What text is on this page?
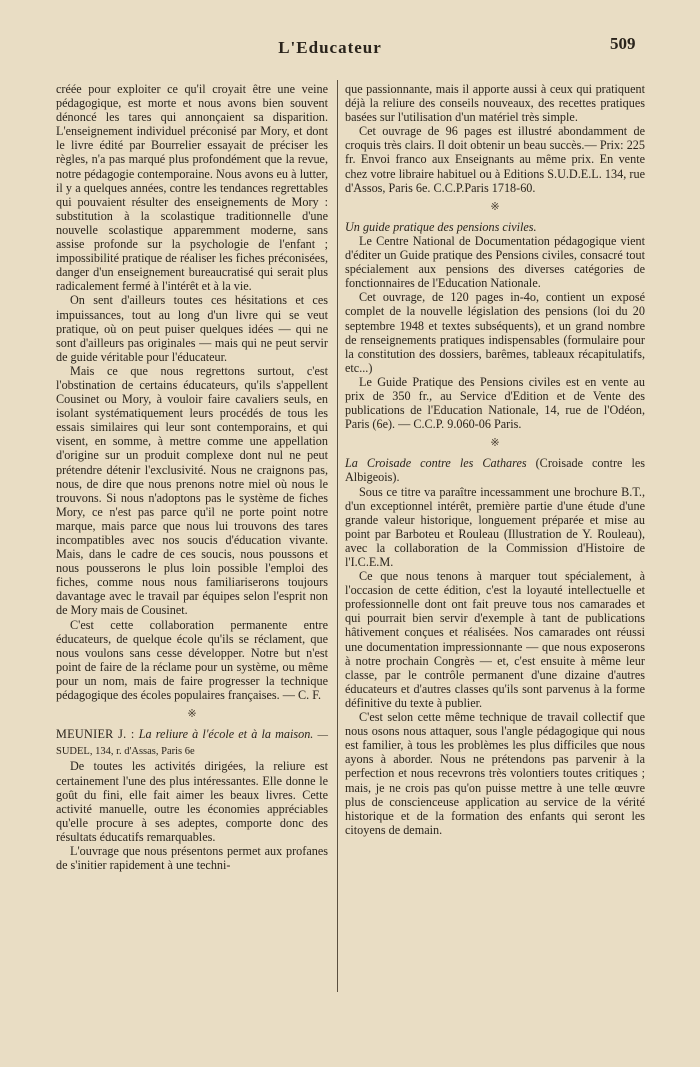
L'Educateur	509

créée pour exploiter ce qu'il croyait être une veine pédagogique, est morte et nous avons bien souvent dénoncé les tares qui annonçaient sa disparition. L'enseignement individuel préconisé par Mory, et dont le livre édité par Bourrelier essayait de préciser les règles, n'a pas marqué plus profondément que la revue, notre pédagogie contemporaine. Nous avons eu à lutter, il y a quelques années, contre les tendances regrettables qui pouvaient résulter des enseignements de Mory : substitution à la scolastique traditionnelle d'une nouvelle scolastique apparemment moderne, sans assise profonde sur la psychologie de l'enfant ; impossibilité pratique de réaliser les fiches préconisées, danger d'un enseignement bureaucratisé qui serait plus radicalement fermé à l'intérêt et à la vie.

On sent d'ailleurs toutes ces hésitations et ces impuissances, tout au long d'un livre qui se veut pratique, où on peut puiser quelques idées — qui ne sont d'ailleurs pas originales — mais qui ne peut servir de guide véritable pour l'éducateur.

Mais ce que nous regrettons surtout, c'est l'obstination de certains éducateurs, qu'ils s'appellent Cousinet ou Mory, à vouloir faire cavaliers seuls, en isolant systématiquement leurs procédés de tous les essais similaires qui leur sont contemporains, et qui visent, en somme, à mettre comme une appellation d'origine sur un produit complexe dont nul ne peut prétendre détenir l'exclusivité. Nous ne craignons pas, nous, de dire que nous prenons notre miel où nous le trouvons. Si nous n'adoptons pas le système de fiches Mory, ce n'est pas parce qu'il ne porte point notre marque, mais parce que nous lui trouvons des tares incompatibles avec nos soucis d'éducation vivante. Mais, dans le cadre de ces soucis, nous poussons et nous pousserons le plus loin possible l'emploi des fiches, comme nous nous familiariserons toujours davantage avec le travail par équipes selon l'esprit non de Mory mais de Cousinet.

C'est cette collaboration permanente entre éducateurs, de quelque école qu'ils se réclament, que nous voulons sans cesse développer. Notre but n'est point de faire de la réclame pour un système, ou même pour un nom, mais de faire progresser la technique pédagogique des écoles populaires françaises. — C. F.

※

MEUNIER J. : La reliure à l'école et à la maison. — SUDEL, 134, r. d'Assas, Paris 6e

De toutes les activités dirigées, la reliure est certainement l'une des plus intéressantes. Elle donne le goût du fini, elle fait aimer les beaux livres. Cette activité manuelle, outre les économies appréciables qu'elle procure à ses adeptes, comporte donc des résultats éducatifs remarquables.

L'ouvrage que nous présentons permet aux profanes de s'initier rapidement à une techni-

que passionnante, mais il apporte aussi à ceux qui pratiquent déjà la reliure des conseils nouveaux, des recettes pratiques basées sur l'utilisation d'un matériel très simple.

Cet ouvrage de 96 pages est illustré abondamment de croquis très clairs. Il doit obtenir un beau succès.— Prix: 225 fr. Envoi franco aux Enseignants au même prix. En vente chez votre libraire habituel ou à Editions S.U.D.E.L. 134, rue d'Assos, Paris 6e. C.C.P.Paris 1718-60.

※

Un guide pratique des pensions civiles.

Le Centre National de Documentation pédagogique vient d'éditer un Guide pratique des Pensions civiles, consacré tout spécialement aux pensions des diverses catégories de fonctionnaires de l'Education Nationale.

Cet ouvrage, de 120 pages in-4o, contient un exposé complet de la nouvelle législation des pensions (loi du 20 septembre 1948 et textes subséquents), et un grand nombre de renseignements pratiques indispensables (formulaire pour la constitution des dossiers, barêmes, tableaux récapitulatifs, etc...)

Le Guide Pratique des Pensions civiles est en vente au prix de 350 fr., au Service d'Edition et de Vente des publications de l'Education Nationale, 14, rue de l'Odéon, Paris (6e). — C.C.P. 9.060-06 Paris.

※

La Croisade contre les Cathares (Croisade contre les Albigeois).

Sous ce titre va paraître incessamment une brochure B.T., d'un exceptionnel intérêt, première partie d'une étude d'une grande valeur historique, longuement préparée et mise au point par Barboteu et Rouleau (Illustration de Y. Rouleau), avec la collaboration de la Commission d'Histoire de l'I.C.E.M.

Ce que nous tenons à marquer tout spécialement, à l'occasion de cette édition, c'est la loyauté intellectuelle et professionnelle dont ont fait preuve tous nos camarades et qui pourrait bien servir d'exemple à tant de publications hâtivement conçues et réalisées. Nos camarades ont réussi une documentation impressionnante — que nous exposerons à notre prochain Congrès — et, c'est ensuite à même leur classe, par le contrôle permanent d'une dizaine d'autres éducateurs et d'autres classes qu'ils sont parvenus à la forme définitive du texte à publier.

C'est selon cette même technique de travail collectif que nous osons nous attaquer, sous l'angle pédagogique qui nous est familier, à tous les problèmes les plus difficiles que nous ayons à aborder. Nous ne prétendons pas parvenir à la perfection et nous recevrons très volontiers toutes critiques ; mais, je ne crois pas qu'on puisse mettre à une telle œuvre plus de conscienceuse application au service de la vérité historique et de la formation des enfants qui seront les citoyens de demain.
